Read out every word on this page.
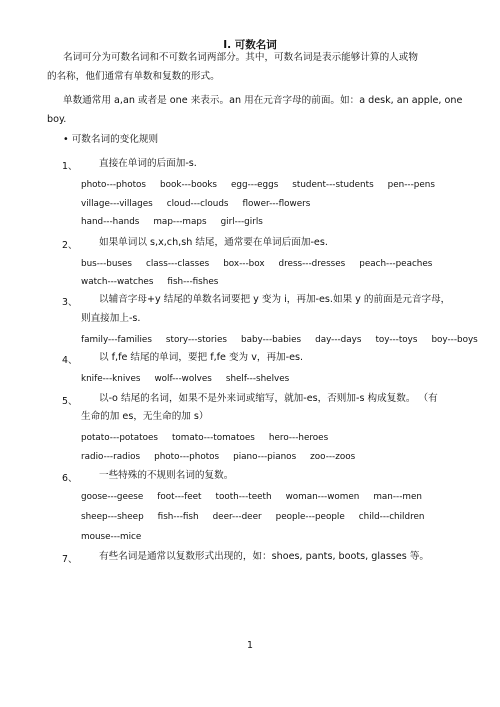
I. 可数名词
名词可分为可数名词和不可数名词两部分。其中，可数名词是表示能够计算的人或物
的名称，他们通常有单数和复数的形式。
单数通常用 a,an 或者是 one 来表示。an 用在元音字母的前面。如：a desk, an apple, one
boy.
• 可数名词的变化规则
1、 直接在单词的后面加-s.
photo---photos book---books egg---eggs student---students pen---pens
village---villages cloud---clouds flower---flowers
hand---hands map---maps girl---girls
2、 如果单词以 s,x,ch,sh 结尾，通常要在单词后面加-es.
bus---buses class---classes box---box dress---dresses peach---peaches
watch---watches fish---fishes
3、 以辅音字母+y 结尾的单数名词要把 y 变为 i，再加-es.如果 y 的前面是元音字母，
则直接加上-s.
family---families story---stories baby---babies day---days toy---toys boy---boys
4、 以 f,fe 结尾的单词，要把 f,fe 变为 v，再加-es.
knife---knives wolf---wolves shelf---shelves
5、 以-o 结尾的名词，如果不是外来词或缩写，就加-es，否则加-s 构成复数。 （有
生命的加 es，无生命的加 s）
potato---potatoes tomato---tomatoes hero---heroes
radio---radios photo---photos piano---pianos zoo---zoos
6、 一些特殊的不规则名词的复数。
goose---geese foot---feet tooth---teeth woman---women man---men
sheep---sheep fish---fish deer---deer people---people child---children
mouse---mice
7、 有些名词是通常以复数形式出现的，如：shoes, pants, boots, glasses 等。
1
